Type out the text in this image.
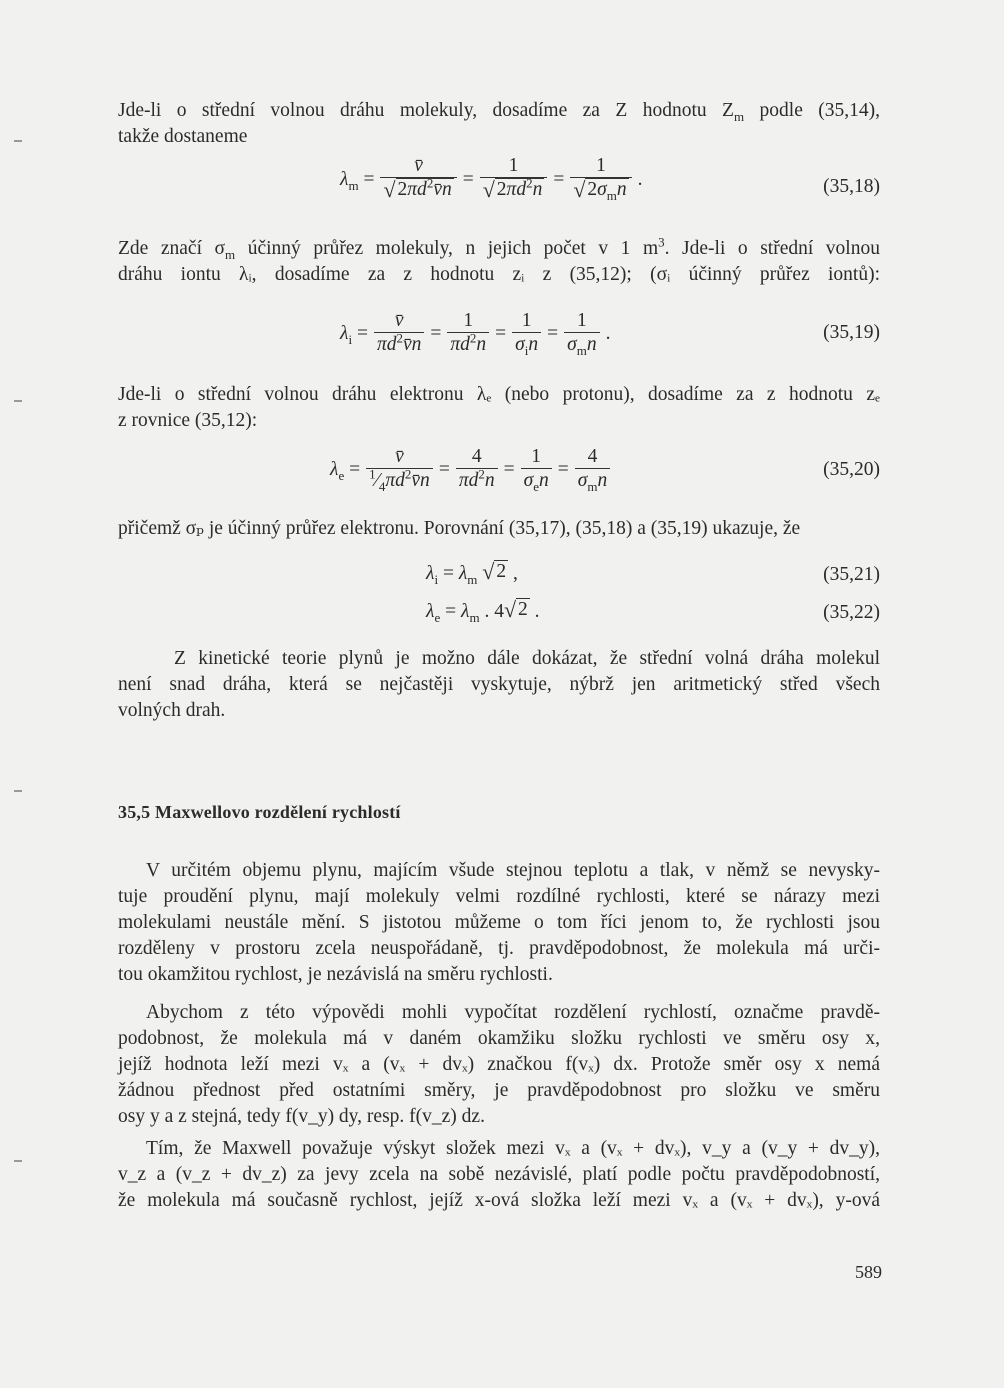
Jde-li o střední volnou dráhu molekuly, dosadíme za Z hodnotu $Z_m$ podle (35,14),
takže dostaneme
$\lambda_m = \frac{v̄}{√ 2\pi d^2v̄n} = \frac{1}{√ 2\pi d^2n} = \frac{1}{√ 2\sigma_mn}$ .	(35,18)
Zde značí $\sigma_m$ účinný průřez molekuly, n jejich počet v 1 $m^3$. Jde-li o střední volnou
dráhu iontu λᵢ, dosadíme za z hodnotu zᵢ z (35,12); (σᵢ účinný průřez iontů):
$\lambda_i = \frac{v̄}{\pi d^2v̄n} = \frac{1}{\pi d^2n} = \frac{1}{\sigma_in} = \frac{1}{\sigma_mn}$ .	(35,19)
Jde-li o střední volnou dráhu elektronu λₑ (nebo protonu), dosadíme za z hodnotu zₑ
z rovnice (35,12):
$\lambda_e = \frac{v̄}{^1⁄_4\pi d^2v̄n} = \frac{4}{\pi d^2n} = \frac{1}{\sigma_en} = \frac{4}{\sigma_mn}$	(35,20)
přičemž σₚ je účinný průřez elektronu. Porovnání (35,17), (35,18) a (35,19) ukazuje, že
$\lambda_i = \lambda_m$ √ 2 ,	(35,21)
$\lambda_e = \lambda_m$ . 4 √ 2 .	(35,22)
Z kinetické teorie plynů je možno dále dokázat, že střední volná dráha molekul
není snad dráha, která se nejčastěji vyskytuje, nýbrž jen aritmetický střed všech
volných drah.
35,5 Maxwellovo rozdělení rychlostí
V určitém objemu plynu, majícím všude stejnou teplotu a tlak, v němž se nevysky-
tuje proudění plynu, mají molekuly velmi rozdílné rychlosti, které se nárazy mezi
molekulami neustále mění. S jistotou můžeme o tom říci jenom to, že rychlosti jsou
rozděleny v prostoru zcela neuspořádaně, tj. pravděpodobnost, že molekula má urči-
tou okamžitou rychlost, je nezávislá na směru rychlosti.
Abychom z této výpovědi mohli vypočítat rozdělení rychlostí, označme pravdě-
podobnost, že molekula má v daném okamžiku složku rychlosti ve směru osy x,
jejíž hodnota leží mezi vₓ a (vₓ + dvₓ) značkou f(vₓ) dx. Protože směr osy x nemá
žádnou přednost před ostatními směry, je pravděpodobnost pro složku ve směru
osy y a z stejná, tedy f(v_y) dy, resp. f(v_z) dz.
Tím, že Maxwell považuje výskyt složek mezi vₓ a (vₓ + dvₓ), v_y a (v_y + dv_y),
v_z a (v_z + dv_z) za jevy zcela na sobě nezávislé, platí podle počtu pravděpodobností,
že molekula má současně rychlost, jejíž x-ová složka leží mezi vₓ a (vₓ + dvₓ), y-ová
589
